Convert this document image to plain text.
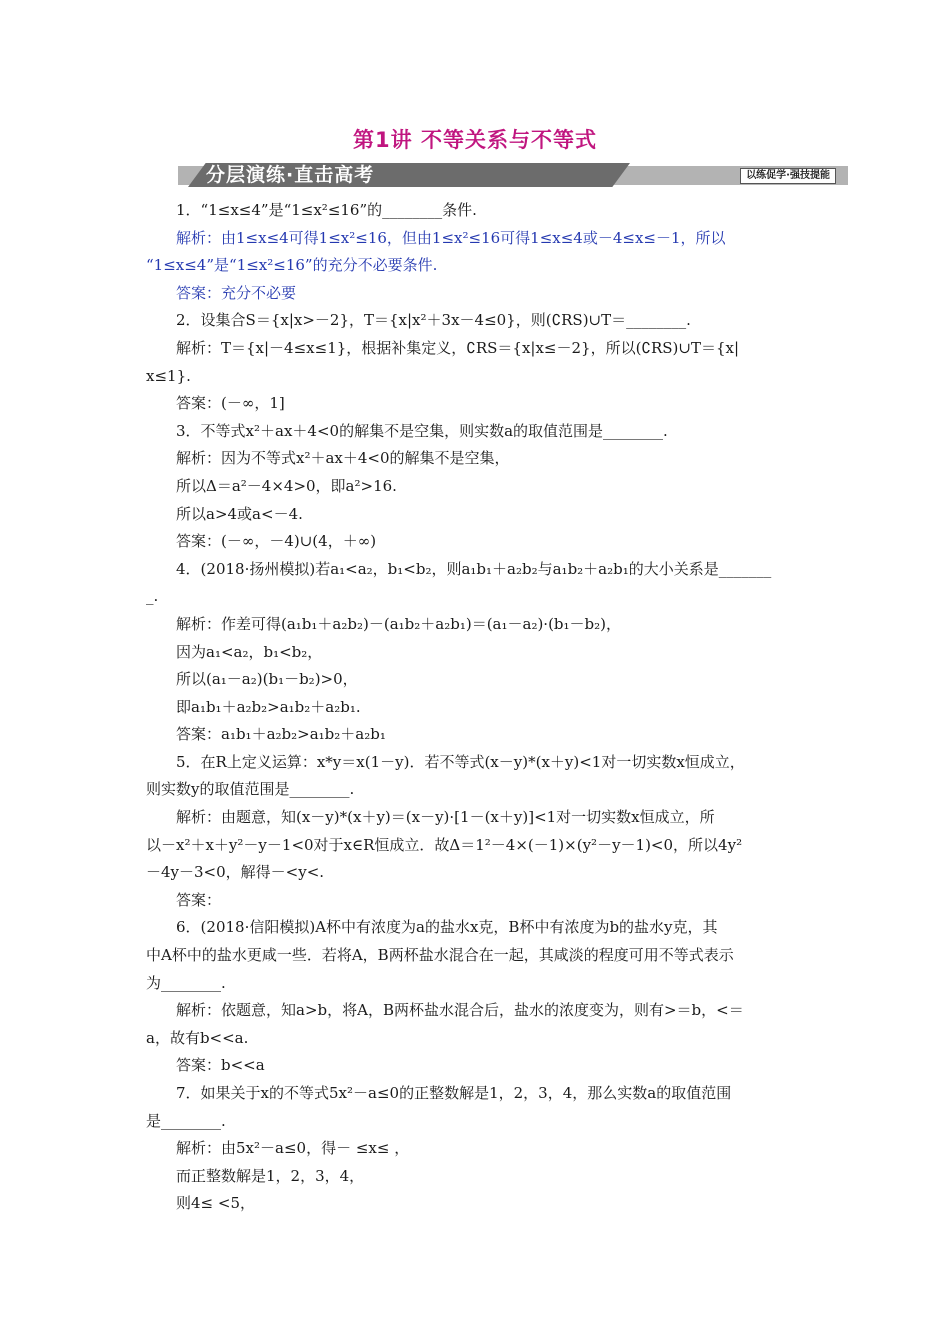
第1讲 不等关系与不等式
分层演练·直击高考	以练促学·强技提能
1．“1≤x≤4”是“1≤x²≤16”的________条件.
解析：由1≤x≤4可得1≤x²≤16，但由1≤x²≤16可得1≤x≤4或－4≤x≤－1，所以
“1≤x≤4”是“1≤x²≤16”的充分不必要条件.
答案：充分不必要
2．设集合S＝{x|x>－2}，T＝{x|x²＋3x－4≤0}，则(∁RS)∪T＝________.
解析：T＝{x|－4≤x≤1}，根据补集定义，∁RS＝{x|x≤－2}，所以(∁RS)∪T＝{x|
x≤1}.
答案：(－∞，1]
3．不等式x²＋ax＋4<0的解集不是空集，则实数a的取值范围是________.
解析：因为不等式x²＋ax＋4<0的解集不是空集，
所以Δ＝a²－4×4>0，即a²>16.
所以a>4或a<－4.
答案：(－∞，－4)∪(4，＋∞)
4．(2018·扬州模拟)若a₁<a₂，b₁<b₂，则a₁b₁＋a₂b₂与a₁b₂＋a₂b₁的大小关系是_______
_.
解析：作差可得(a₁b₁＋a₂b₂)－(a₁b₂＋a₂b₁)＝(a₁－a₂)·(b₁－b₂)，
因为a₁<a₂，b₁<b₂，
所以(a₁－a₂)(b₁－b₂)>0，
即a₁b₁＋a₂b₂>a₁b₂＋a₂b₁.
答案：a₁b₁＋a₂b₂>a₁b₂＋a₂b₁
5．在R上定义运算：x*y＝x(1－y)．若不等式(x－y)*(x＋y)<1对一切实数x恒成立，
则实数y的取值范围是________.
解析：由题意，知(x－y)*(x＋y)＝(x－y)·[1－(x＋y)]<1对一切实数x恒成立，所
以－x²＋x＋y²－y－1<0对于x∈R恒成立．故Δ＝1²－4×(－1)×(y²－y－1)<0，所以4y²
－4y－3<0，解得－<y<.
答案：
6．(2018·信阳模拟)A杯中有浓度为a的盐水x克，B杯中有浓度为b的盐水y克，其
中A杯中的盐水更咸一些．若将A，B两杯盐水混合在一起，其咸淡的程度可用不等式表示
为________.
解析：依题意，知a>b，将A，B两杯盐水混合后，盐水的浓度变为，则有>＝b，<＝
a，故有b<<a.
答案：b<<a
7．如果关于x的不等式5x²－a≤0的正整数解是1，2，3，4，那么实数a的取值范围
是________.
解析：由5x²－a≤0，得－ ≤x≤ ，
而正整数解是1，2，3，4，
则4≤ <5，
